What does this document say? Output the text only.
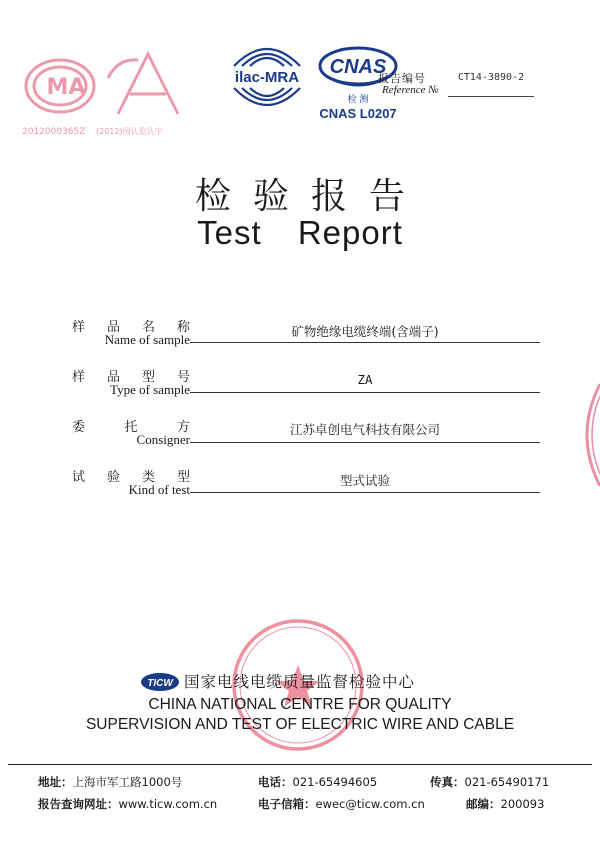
MA
2012000365Z (2012)国认监认字
ilac-MRA CNAS
检 测
CNAS L0207
报告编号
Reference №
CT14-3890-2
检验报告
Test Report
样 品 名 称
Name of sample
矿物绝缘电缆终端(含端子)
样 品 型 号
Type of sample
ZA
委	托	方
Consigner
江苏卓创电气科技有限公司
试 验 类 型
Kind of test
型式试验
TICW 国家电线电缆质量监督检验中心
CHINA NATIONAL CENTRE FOR QUALITY
SUPERVISION AND TEST OF ELECTRIC WIRE AND CABLE
地址：上海市军工路1000号	电话：021-65494605	传真：021-65490171
报告查询网址：www.ticw.com.cn	电子信箱：ewec@ticw.com.cn	邮编：200093
